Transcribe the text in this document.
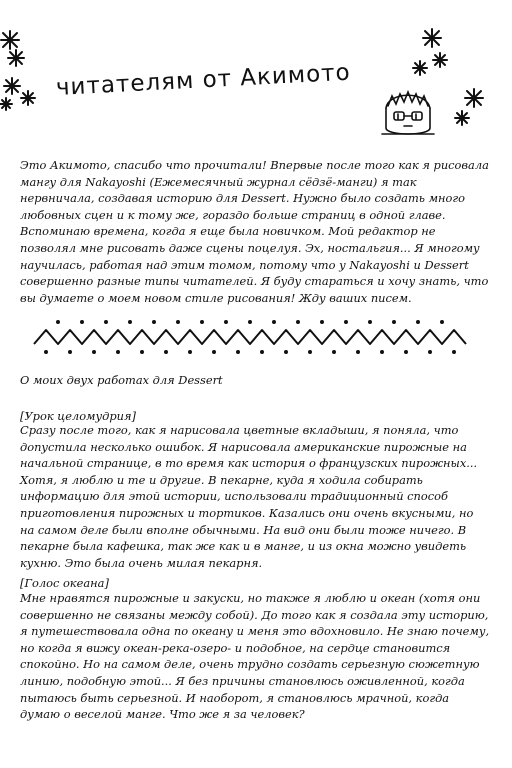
читателям от Акимото

Это Акимото, спасибо что прочитали! Впервые после того как я рисовала мангу для Nakayoshi (Ежемесячный журнал сёдзё-манги) я так нервничала, создавая историю для Dessert. Нужно было создать много любовных сцен и к тому же, гораздо больше страниц в одной главе. Вспоминаю времена, когда я еще была новичком. Мой редактор не позволял мне рисовать даже сцены поцелуя. Эх, ностальгия... Я многому научилась, работая над этим томом, потому что у Nakayoshi и Dessert совершенно разные типы читателей. Я буду стараться и хочу знать, что вы думаете о моем новом стиле рисования! Жду ваших писем.

О моих двух работах для Dessert

[Урок целомудрия]

Сразу после того, как я нарисовала цветные вкладыши, я поняла, что допустила несколько ошибок. Я нарисовала американские пирожные на начальной странице, в то время как история о французских пирожных... Хотя, я люблю и те и другие. В пекарне, куда я ходила собирать информацию для этой истории, использовали традиционный способ приготовления пирожных и тортиков. Казались они очень вкусными, но на самом деле были вполне обычными. На вид они были тоже ничего. В пекарне была кафешка, так же как и в манге, и из окна можно увидеть кухню. Это была очень милая пекарня.

[Голос океана]

Мне нравятся пирожные и закуски, но также я люблю и океан (хотя они совершенно не связаны между собой). До того как я создала эту историю, я путешествовала одна по океану и меня это вдохновило. Не знаю почему, но когда я вижу океан-река-озеро- и подобное, на сердце становится спокойно. Но на самом деле, очень трудно создать серьезную сюжетную линию, подобную этой... Я без причины становлюсь оживленной, когда пытаюсь быть серьезной. И наоборот, я становлюсь мрачной, когда думаю о веселой манге. Что же я за человек?
